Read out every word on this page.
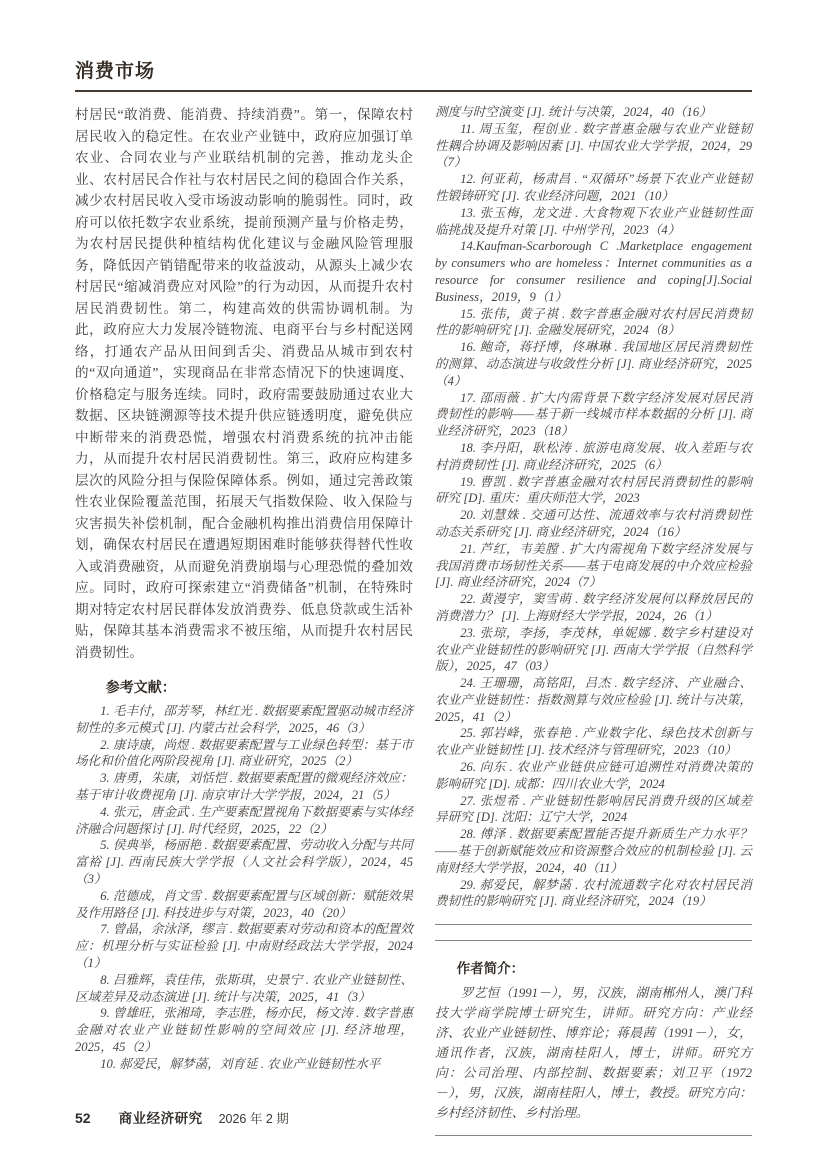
消费市场

村居民“敢消费、能消费、持续消费”。第一，保障农村居民收入的稳定性。在农业产业链中，政府应加强订单农业、合同农业与产业联结机制的完善，推动龙头企业、农村居民合作社与农村居民之间的稳固合作关系，减少农村居民收入受市场波动影响的脆弱性。同时，政府可以依托数字农业系统，提前预测产量与价格走势，为农村居民提供种植结构优化建议与金融风险管理服务，降低因产销错配带来的收益波动，从源头上减少农村居民“缩减消费应对风险”的行为动因，从而提升农村居民消费韧性。第二，构建高效的供需协调机制。为此，政府应大力发展冷链物流、电商平台与乡村配送网络，打通农产品从田间到舌尖、消费品从城市到农村的“双向通道”，实现商品在非常态情况下的快速调度、价格稳定与服务连续。同时，政府需要鼓励通过农业大数据、区块链溯源等技术提升供应链透明度，避免供应中断带来的消费恐慌，增强农村消费系统的抗冲击能力，从而提升农村居民消费韧性。第三，政府应构建多层次的风险分担与保险保障体系。例如，通过完善政策性农业保险覆盖范围，拓展天气指数保险、收入保险与灾害损失补偿机制，配合金融机构推出消费信用保障计划，确保农村居民在遭遇短期困难时能够获得替代性收入或消费融资，从而避免消费崩塌与心理恐慌的叠加效应。同时，政府可探索建立“消费储备”机制，在特殊时期对特定农村居民群体发放消费券、低息贷款或生活补贴，保障其基本消费需求不被压缩，从而提升农村居民消费韧性。

参考文献：

1. 毛丰付，邵芳琴，林红光 . 数据要素配置驱动城市经济韧性的多元模式 [J]. 内蒙古社会科学，2025，46（3）

2. 康诗康，尚煜 . 数据要素配置与工业绿色转型：基于市场化和价值化两阶段视角 [J]. 商业研究，2025（2）

3. 唐勇，朱康，刘恬恺 . 数据要素配置的微观经济效应：基于审计收费视角 [J]. 南京审计大学学报，2024，21（5）

4. 张元，唐金武 . 生产要素配置视角下数据要素与实体经济融合问题探讨 [J]. 时代经贸，2025，22（2）

5. 侯典举，杨丽艳 . 数据要素配置、劳动收入分配与共同富裕 [J]. 西南民族大学学报（人文社会科学版），2024，45（3）

6. 范德成，肖文雪 . 数据要素配置与区域创新：赋能效果及作用路径 [J]. 科技进步与对策，2023，40（20）

7. 曾晶，余泳泽，缪言 . 数据要素对劳动和资本的配置效应：机理分析与实证检验 [J]. 中南财经政法大学学报，2024（1）

8. 吕雅辉，袁佳伟，张斯琪，史景宁 . 农业产业链韧性、区域差异及动态演进 [J]. 统计与决策，2025，41（3）

9. 曾雄旺，张湘琦，李志胜，杨亦民，杨文涛 . 数字普惠金融对农业产业链韧性影响的空间效应 [J]. 经济地理，2025，45（2）

10. 郝爱民，解梦菡，刘育延 . 农业产业链韧性水平

测度与时空演变 [J]. 统计与决策，2024，40（16）

11. 周玉玺，程创业 . 数字普惠金融与农业产业链韧性耦合协调及影响因素 [J]. 中国农业大学学报，2024，29（7）

12. 何亚莉，杨肃昌 . “双循环”场景下农业产业链韧性锻铸研究 [J]. 农业经济问题，2021（10）

13. 张玉梅，龙文进 . 大食物观下农业产业链韧性面临挑战及提升对策 [J]. 中州学刊，2023（4）

14.Kaufman-Scarborough C .Marketplace engagement by consumers who are homeless：Internet communities as a resource for consumer resilience and coping[J].Social Business，2019，9（1）

15. 张伟，黄子祺 . 数字普惠金融对农村居民消费韧性的影响研究 [J]. 金融发展研究，2024（8）

16. 鲍奇，蒋抒博，佟琳琳 . 我国地区居民消费韧性的测算、动态演进与收敛性分析 [J]. 商业经济研究，2025（4）

17. 邵雨薇 . 扩大内需背景下数字经济发展对居民消费韧性的影响——基于新一线城市样本数据的分析 [J]. 商业经济研究，2023（18）

18. 李丹阳，耿松涛 . 旅游电商发展、收入差距与农村消费韧性 [J]. 商业经济研究，2025（6）

19. 曹凯 . 数字普惠金融对农村居民消费韧性的影响研究 [D]. 重庆：重庆师范大学，2023

20. 刘慧姝 . 交通可达性、流通效率与农村消费韧性动态关系研究 [J]. 商业经济研究，2024（16）

21. 芦红，韦美膛 . 扩大内需视角下数字经济发展与我国消费市场韧性关系——基于电商发展的中介效应检验 [J]. 商业经济研究，2024（7）

22. 黄漫宇，窦雪萌 . 数字经济发展何以释放居民的消费潜力？ [J]. 上海财经大学学报，2024，26（1）

23. 张琼，李扬，李茂林，单妮娜 . 数字乡村建设对农业产业链韧性的影响研究 [J]. 西南大学学报（自然科学版），2025，47（03）

24. 王珊珊，高铭阳，吕杰 . 数字经济、产业融合、农业产业链韧性：指数测算与效应检验 [J]. 统计与决策，2025，41（2）

25. 郭岩峰，张春艳 . 产业数字化、绿色技术创新与农业产业链韧性 [J]. 技术经济与管理研究，2023（10）

26. 向东 . 农业产业链供应链可追溯性对消费决策的影响研究 [D]. 成都：四川农业大学，2024

27. 张煜希 . 产业链韧性影响居民消费升级的区域差异研究 [D]. 沈阳：辽宁大学，2024

28. 傅泽 . 数据要素配置能否提升新质生产力水平？——基于创新赋能效应和资源整合效应的机制检验 [J]. 云南财经大学学报，2024，40（11）

29. 郝爱民，解梦菡 . 农村流通数字化对农村居民消费韧性的影响研究 [J]. 商业经济研究，2024（19）

作者简介：

罗艺恒（1991－），男，汉族，湖南郴州人，澳门科技大学商学院博士研究生，讲师。研究方向：产业经济、农业产业链韧性、博弈论；蒋晨茜（1991－），女，通讯作者，汉族，湖南桂阳人，博士，讲师。研究方向：公司治理、内部控制、数据要素；刘卫平（1972－），男，汉族，湖南桂阳人，博士，教授。研究方向：乡村经济韧性、乡村治理。

52 商业经济研究 2026 年 2 期
